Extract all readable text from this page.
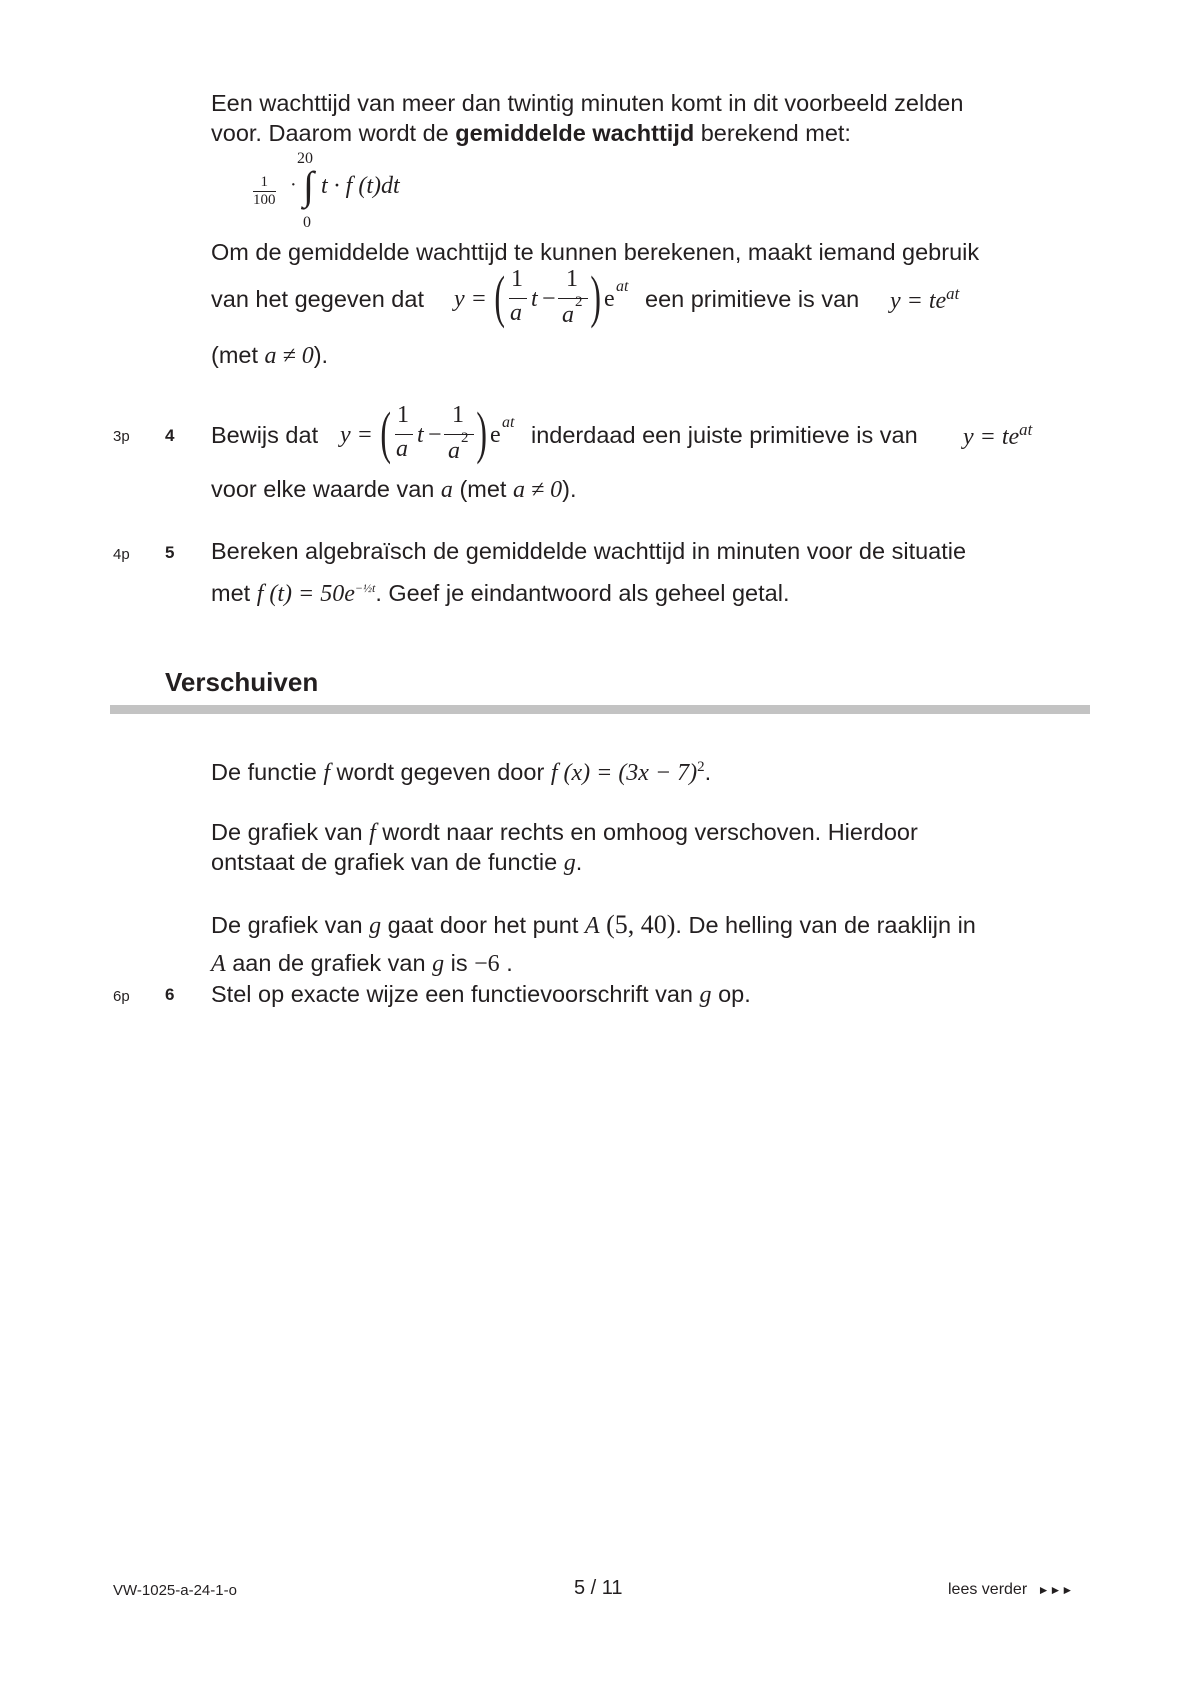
Een wachttijd van meer dan twintig minuten komt in dit voorbeeld zelden
voor. Daarom wordt de gemiddelde wachttijd berekend met:
$\frac{1}{100}$ ·
20
∫
0
t · f (t)dt
Om de gemiddelde wachttijd te kunnen berekenen, maakt iemand gebruik
van het gegeven dat y = ( 1
a
t −
1
a 2 ) e at een primitieve is van $y = te^{at}$
(met a ≠ 0).
3p 4 Bewijs dat y = ( 1
a
t −
1
a 2 ) e at inderdaad een juiste primitieve is van $y = te^{at}$
voor elke waarde van a (met a ≠ 0).
4p 5 Bereken algebraïsch de gemiddelde wachttijd in minuten voor de situatie
met f $(t) = 50e^{-\frac{1}{2}t}$. Geef je eindantwoord als geheel getal.
Verschuiven
De functie f wordt gegeven door f $(x) = (3x - 7)^2$.
De grafiek van f wordt naar rechts en omhoog verschoven. Hierdoor
ontstaat de grafiek van de functie g.
De grafiek van g gaat door het punt A (5, 40). De helling van de raaklijn in
A aan de grafiek van g is −6 .
6p 6 Stel op exacte wijze een functievoorschrift van g op.
VW-1025-a-24-1-o	5 / 11	lees verder ►►►
